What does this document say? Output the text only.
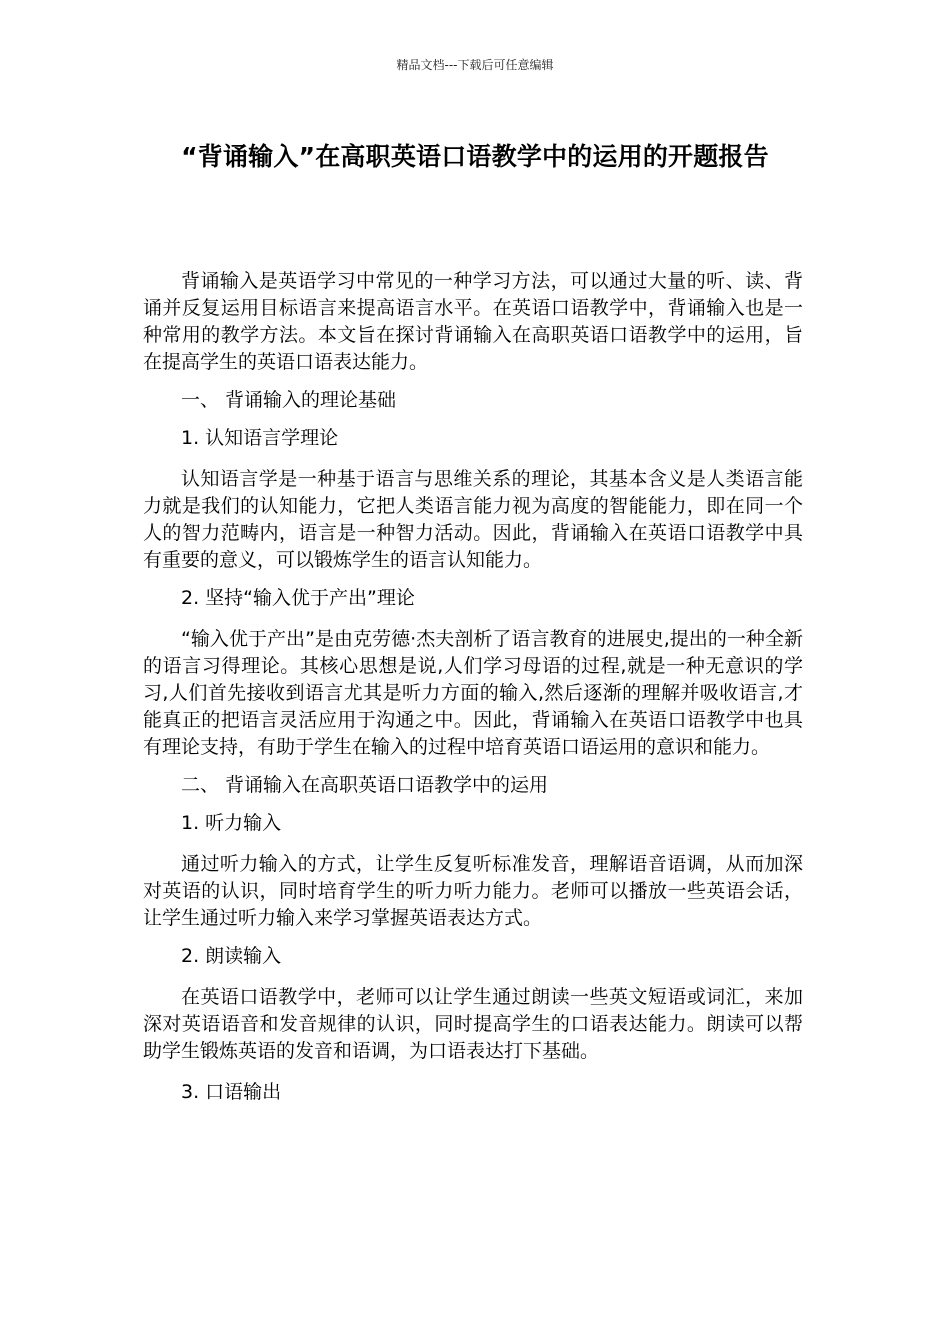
精品文档---下载后可任意编辑
“背诵输入”在高职英语口语教学中的运用的开题报告

背诵输入是英语学习中常见的一种学习方法，可以通过大量的听、读、背诵并反复运用目标语言来提高语言水平。在英语口语教学中，背诵输入也是一种常用的教学方法。本文旨在探讨背诵输入在高职英语口语教学中的运用，旨在提高学生的英语口语表达能力。

一、 背诵输入的理论基础

1. 认知语言学理论

认知语言学是一种基于语言与思维关系的理论，其基本含义是人类语言能力就是我们的认知能力，它把人类语言能力视为高度的智能能力，即在同一个人的智力范畴内，语言是一种智力活动。因此，背诵输入在英语口语教学中具有重要的意义，可以锻炼学生的语言认知能力。

2. 坚持“输入优于产出”理论

“输入优于产出”是由克劳德·杰夫剖析了语言教育的进展史,提出的一种全新的语言习得理论。其核心思想是说,人们学习母语的过程,就是一种无意识的学习,人们首先接收到语言尤其是听力方面的输入,然后逐渐的理解并吸收语言,才能真正的把语言灵活应用于沟通之中。因此，背诵输入在英语口语教学中也具有理论支持，有助于学生在输入的过程中培育英语口语运用的意识和能力。

二、 背诵输入在高职英语口语教学中的运用

1. 听力输入

通过听力输入的方式，让学生反复听标准发音，理解语音语调，从而加深对英语的认识，同时培育学生的听力听力能力。老师可以播放一些英语会话，让学生通过听力输入来学习掌握英语表达方式。

2. 朗读输入

在英语口语教学中，老师可以让学生通过朗读一些英文短语或词汇，来加深对英语语音和发音规律的认识，同时提高学生的口语表达能力。朗读可以帮助学生锻炼英语的发音和语调，为口语表达打下基础。

3. 口语输出
